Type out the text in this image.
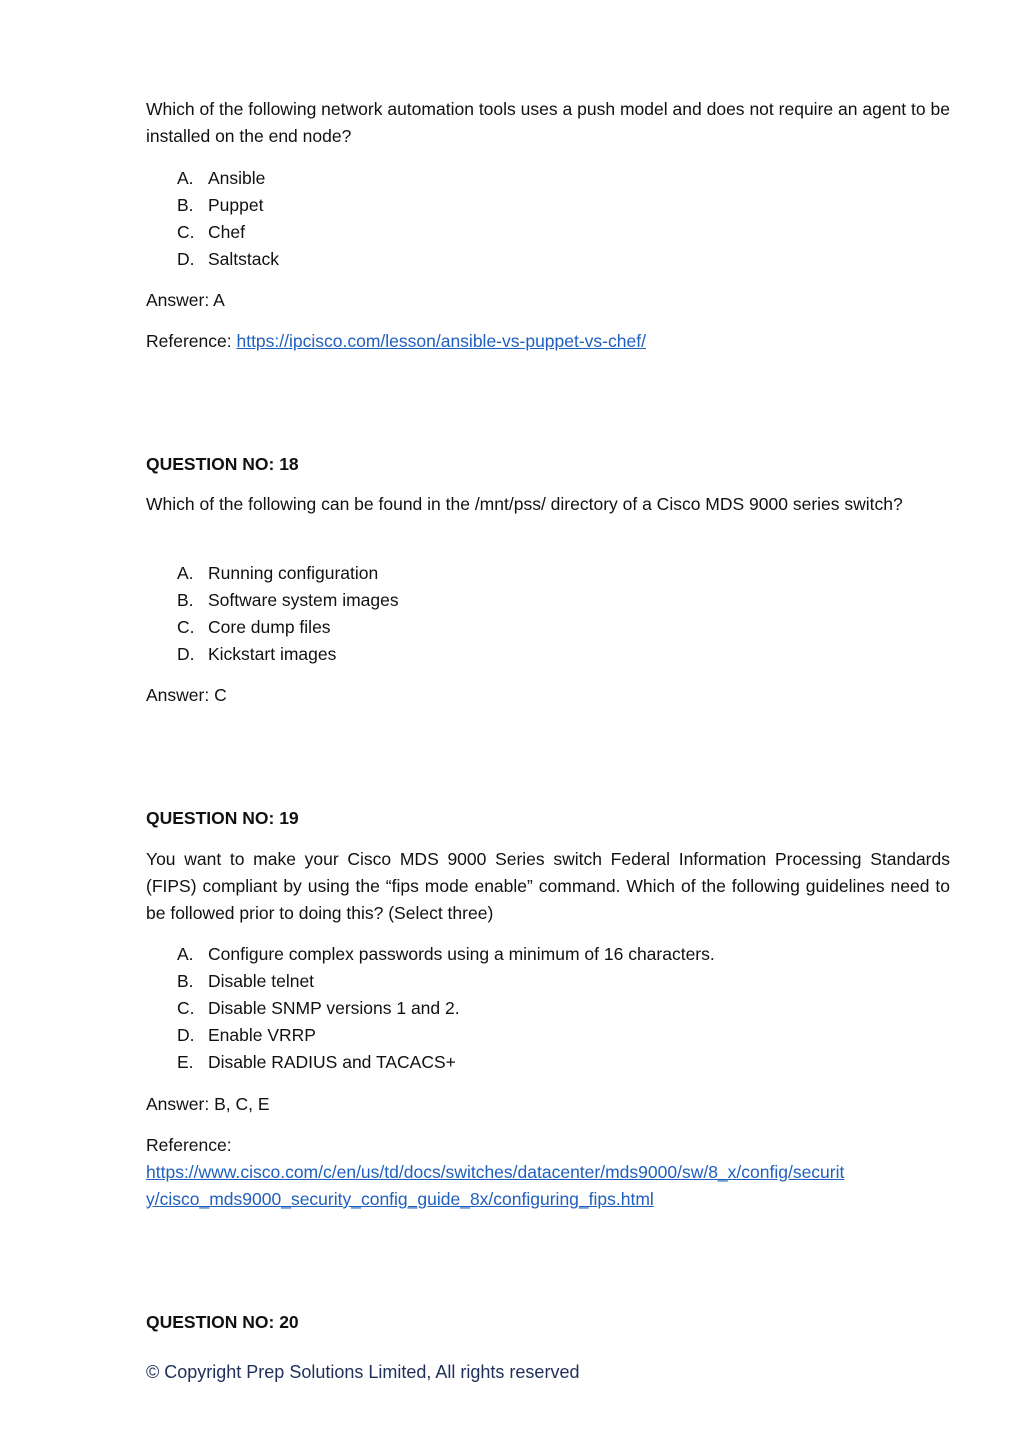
Which of the following network automation tools uses a push model and does not require an agent to be installed on the end node?
A. Ansible
B. Puppet
C. Chef
D. Saltstack
Answer: A
Reference: https://ipcisco.com/lesson/ansible-vs-puppet-vs-chef/
QUESTION NO: 18
Which of the following can be found in the /mnt/pss/ directory of a Cisco MDS 9000 series switch?
A. Running configuration
B. Software system images
C. Core dump files
D. Kickstart images
Answer: C
QUESTION NO: 19
You want to make your Cisco MDS 9000 Series switch Federal Information Processing Standards (FIPS) compliant by using the “fips mode enable” command. Which of the following guidelines need to be followed prior to doing this? (Select three)
A. Configure complex passwords using a minimum of 16 characters.
B. Disable telnet
C. Disable SNMP versions 1 and 2.
D. Enable VRRP
E. Disable RADIUS and TACACS+
Answer: B, C, E
Reference:
https://www.cisco.com/c/en/us/td/docs/switches/datacenter/mds9000/sw/8_x/config/securit
y/cisco_mds9000_security_config_guide_8x/configuring_fips.html
QUESTION NO: 20
© Copyright Prep Solutions Limited, All rights reserved
